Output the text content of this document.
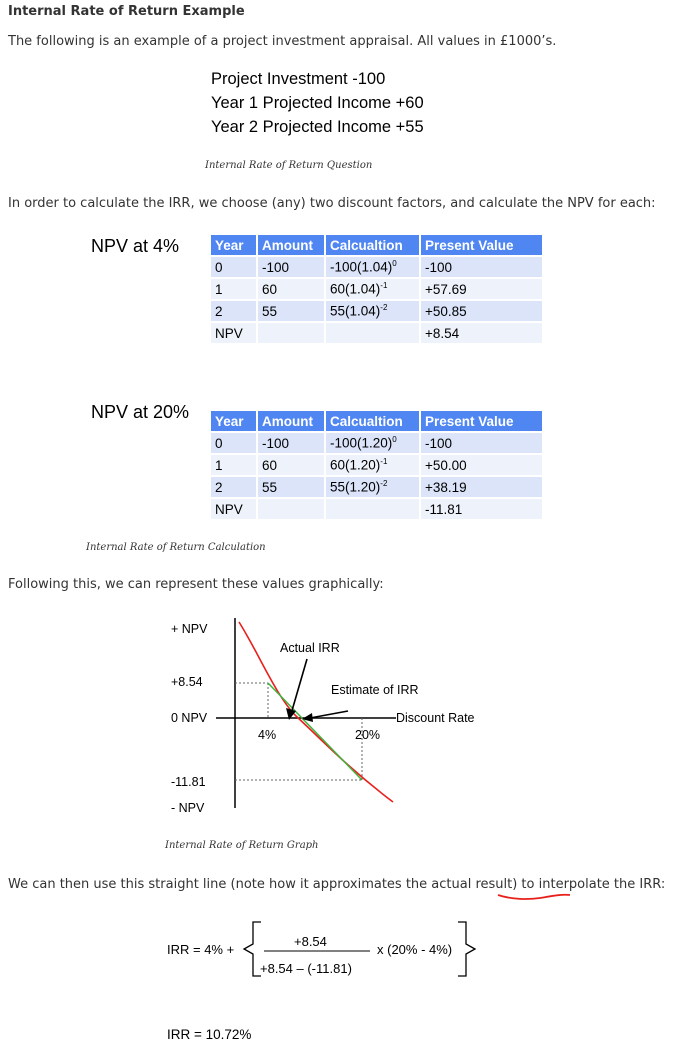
Internal Rate of Return Example
The following is an example of a project investment appraisal. All values in £1000’s.
Project Investment -100
Year 1 Projected Income +60
Year 2 Projected Income +55
Internal Rate of Return Question
In order to calculate the IRR, we choose (any) two discount factors, and calculate the NPV for each:
NPV at 4%	Year	Amount	Calcualtion	Present Value
0	-100	$-100(1.04)^0$	-100
1	60	$60(1.04)^{-1}$	+57.69
2	55	$55(1.04)^{-2}$	+50.85
NPV			+8.54
NPV at 20% Year	Amount	Calcualtion	Present Value
0	-100	$-100(1.20)^0$	-100
1	60	$60(1.20)^{-1}$	+50.00
2	55	$55(1.20)^{-2}$	+38.19
NPV			-11.81
Internal Rate of Return Calculation
Following this, we can represent these values graphically:
+ NPV
+8.54
0 NPV
-11.81
- NPV
4%	20%
Discount Rate
Actual IRR
Estimate of IRR
Internal Rate of Return Graph
We can then use this straight line (note how it approximates the actual result) to interpolate the IRR:
IRR = 4% +
+8.54
+8.54 – (-11.81)
x (20% - 4%)
IRR = 10.72%
